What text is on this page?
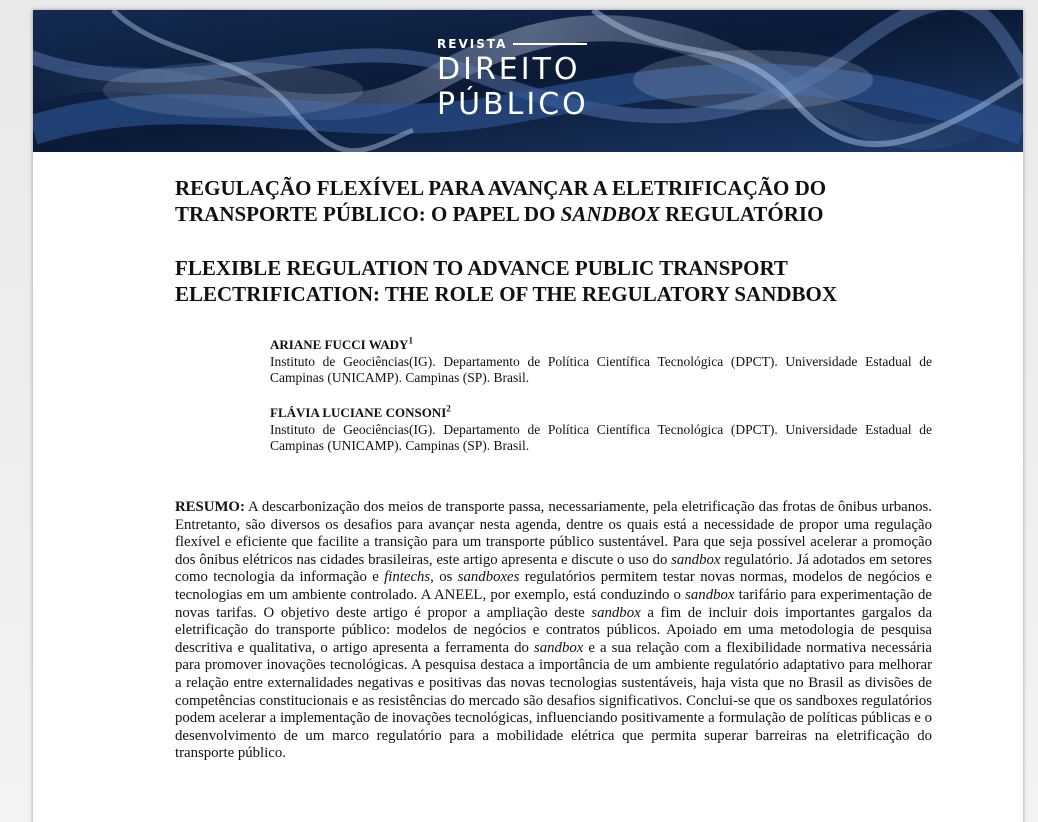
REVISTA
DIREITO
PÚBLICO
REGULAÇÃO FLEXÍVEL PARA AVANÇAR A ELETRIFICAÇÃO DO
TRANSPORTE PÚBLICO: O PAPEL DO SANDBOX REGULATÓRIO
FLEXIBLE REGULATION TO ADVANCE PUBLIC TRANSPORT
ELECTRIFICATION: THE ROLE OF THE REGULATORY SANDBOX
ARIANE FUCCI WADY$^1$
Instituto de Geociências(IG). Departamento de Política Científica Tecnológica (DPCT). Universidade Estadual de Campinas (UNICAMP). Campinas (SP). Brasil.
FLÁVIA LUCIANE CONSONI$^2$
Instituto de Geociências(IG). Departamento de Política Científica Tecnológica (DPCT). Universidade Estadual de Campinas (UNICAMP). Campinas (SP). Brasil.

RESUMO: A descarbonização dos meios de transporte passa, necessariamente, pela eletrificação das frotas de ônibus urbanos. Entretanto, são diversos os desafios para avançar nesta agenda, dentre os quais está a necessidade de propor uma regulação flexível e eficiente que facilite a transição para um transporte público sustentável. Para que seja possível acelerar a promoção dos ônibus elétricos nas cidades brasileiras, este artigo apresenta e discute o uso do sandbox regulatório. Já adotados em setores como tecnologia da informação e fintechs, os sandboxes regulatórios permitem testar novas normas, modelos de negócios e tecnologias em um ambiente controlado. A ANEEL, por exemplo, está conduzindo o sandbox tarifário para experimentação de novas tarifas. O objetivo deste artigo é propor a ampliação deste sandbox a fim de incluir dois importantes gargalos da eletrificação do transporte público: modelos de negócios e contratos públicos. Apoiado em uma metodologia de pesquisa descritiva e qualitativa, o artigo apresenta a ferramenta do sandbox e a sua relação com a flexibilidade normativa necessária para promover inovações tecnológicas. A pesquisa destaca a importância de um ambiente regulatório adaptativo para melhorar a relação entre externalidades negativas e positivas das novas tecnologias sustentáveis, haja vista que no Brasil as divisões de competências constitucionais e as resistências do mercado são desafios significativos. Conclui-se que os sandboxes regulatórios podem acelerar a implementação de inovações tecnológicas, influenciando positivamente a formulação de políticas públicas e o desenvolvimento de um marco regulatório para a mobilidade elétrica que permita superar barreiras na eletrificação do transporte público.
